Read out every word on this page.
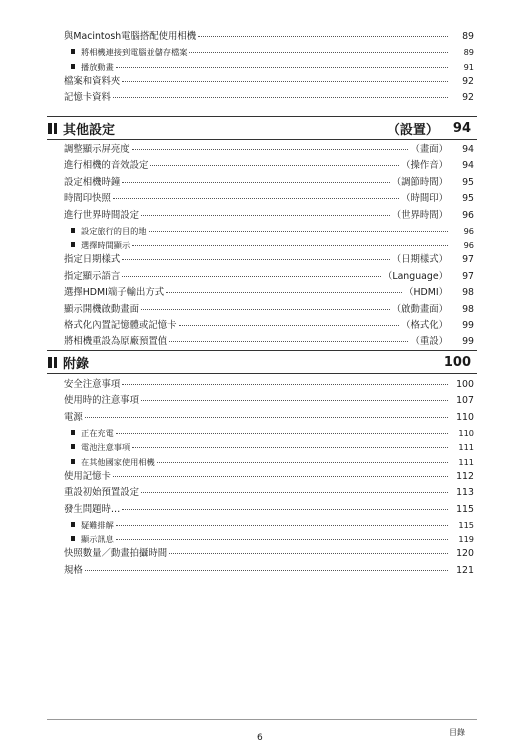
與Macintosh電腦搭配使用相機	89
將相機連接到電腦並儲存檔案	89
播放動畫	91
檔案和資料夾	92
記憶卡資料	92
其他設定	（設置） 94
調整顯示屏亮度	（畫面）	94
進行相機的音效設定	（操作音）	94
設定相機時鐘	（調節時間）	95
時間印快照	（時間印）	95
進行世界時間設定	（世界時間）	96
設定旅行的目的地	96
選擇時間顯示	96
指定日期樣式	（日期樣式）	97
指定顯示語言	（Language）	97
選擇HDMI端子輸出方式	（HDMI）	98
顯示開機啟動畫面	（啟動畫面）	98
格式化內置記憶體或記憶卡	（格式化）	99
將相機重設為原廠預置值	（重設）	99
附錄	100
安全注意事項	100
使用時的注意事項	107
電源	110
正在充電	110
電池注意事項	111
在其他國家使用相機	111
使用記憶卡	112
重設初始預置設定	113
發生問題時…	115
疑難排解	115
顯示訊息	119
快照數量／動畫拍攝時間	120
規格	121
6
目錄
